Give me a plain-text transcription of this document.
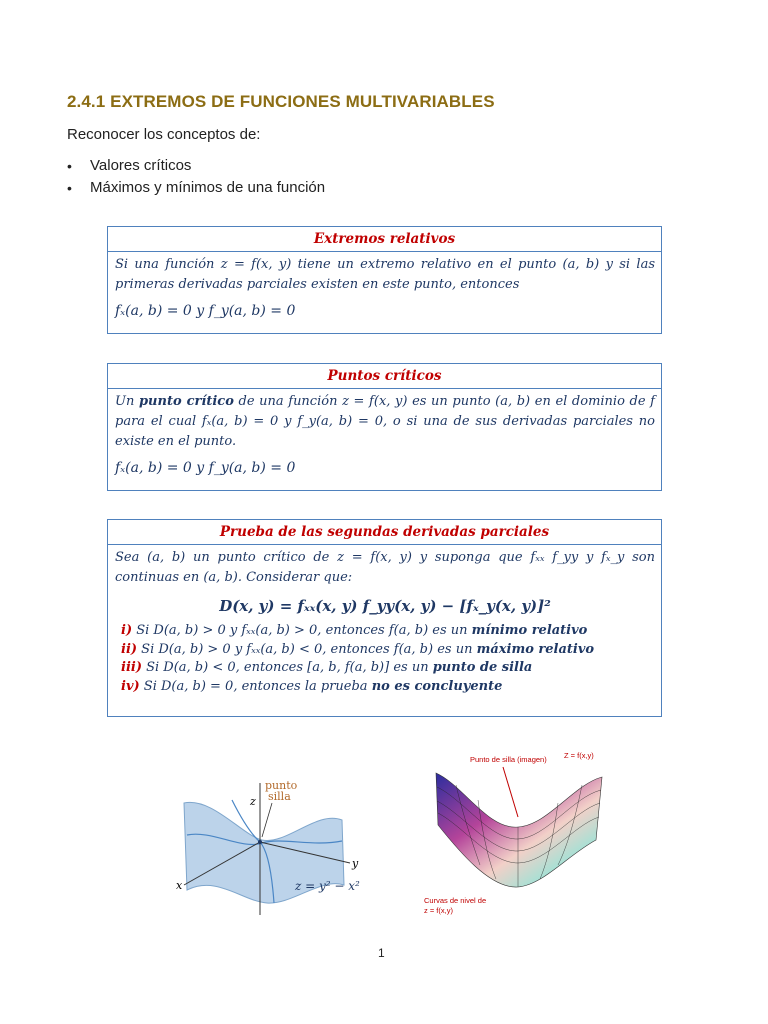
2.4.1 EXTREMOS DE FUNCIONES MULTIVARIABLES
Reconocer los conceptos de:
• Valores críticos
• Máximos y mínimos de una función
Extremos relativos
Si una función z = f(x, y) tiene un extremo relativo en el punto (a, b) y si las primeras derivadas parciales existen en este punto, entonces
fₓ(a, b) = 0 y f_y(a, b) = 0
Puntos críticos
Un punto crítico de una función z = f(x, y) es un punto (a, b) en el dominio de f para el cual fₓ(a, b) = 0 y f_y(a, b) = 0, o si una de sus derivadas parciales no existe en el punto.
fₓ(a, b) = 0 y f_y(a, b) = 0
Prueba de las segundas derivadas parciales
Sea (a, b) un punto crítico de z = f(x, y) y suponga que fₓₓ f_yy y fₓ_y son continuas en (a, b). Considerar que:
D(x, y) = fₓₓ(x, y) f_yy(x, y) − [fₓ_y(x, y)]²
i) Si D(a, b) > 0 y fₓₓ(a, b) > 0, entonces f(a, b) es un mínimo relativo
ii) Si D(a, b) > 0 y fₓₓ(a, b) < 0, entonces f(a, b) es un máximo relativo
iii) Si D(a, b) < 0, entonces [a, b, f(a, b)] es un punto de silla
iv) Si D(a, b) = 0, entonces la prueba no es concluyente
punto
silla
z
y
x	z = y² − x²
Punto de silla (imagen) Z = f(x,y)
Curvas de nivel de
z = f(x,y)
1
